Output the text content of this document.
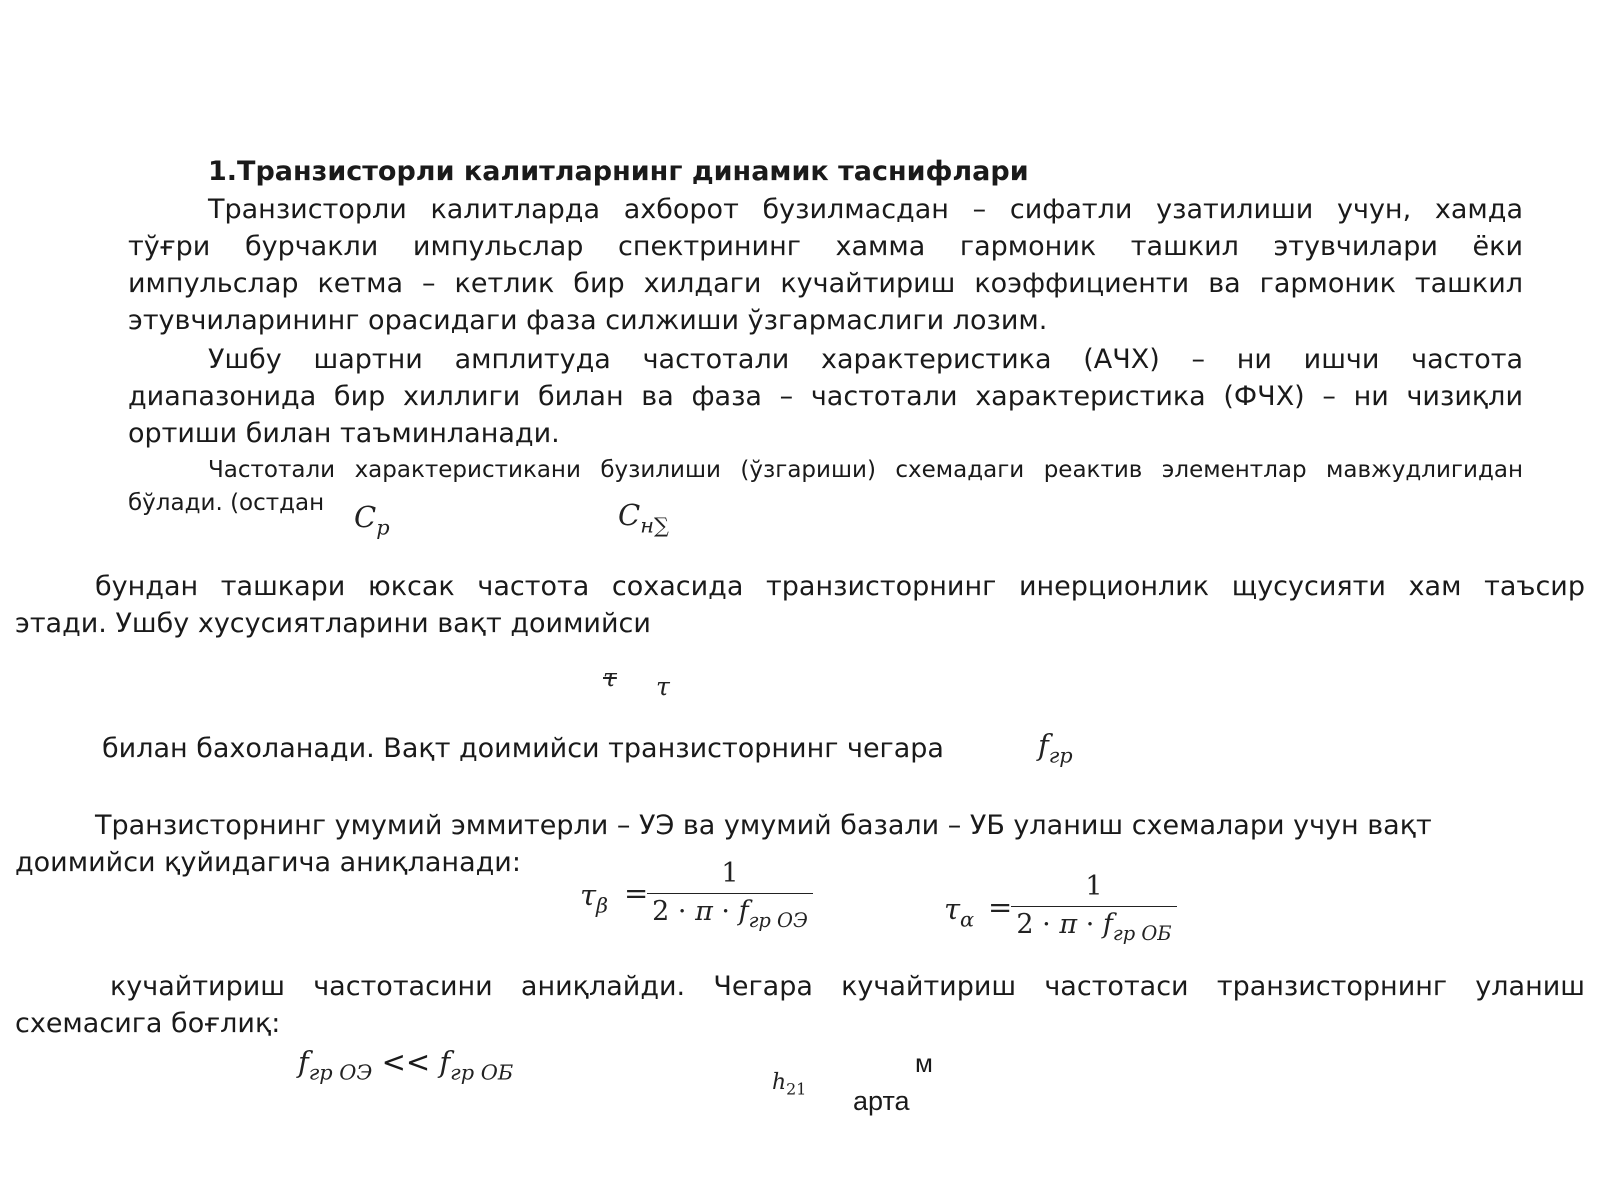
1.Транзисторли калитларнинг динамик таснифлари
Транзисторли калитларда ахборот бузилмасдан – сифатли узатилиши учун, хамда
тўғри бурчакли импульслар спектрининг хамма гармоник ташкил этувчилари ёки
импульслар кетма – кетлик бир хилдаги кучайтириш коэффициенти ва гармоник ташкил
этувчиларининг орасидаги фаза силжиши ўзгармаслиги лозим.
Ушбу шартни амплитуда частотали характеристика (АЧХ) – ни ишчи частота
диапазонида бир хиллиги билан ва фаза – частотали характеристика (ФЧХ) – ни чизиқли
ортиши билан таъминланади.
Частотали характеристикани бузилиши (ўзгариши) схемадаги реактив элементлар мавжудлигидан
бўлади. (остдан	$C_p$	$C_{н\sum}$
бундан ташкари юксак частота сохасида транзисторнинг инерционлик щусусияти хам таъсир
этади. Ушбу хусусиятларини вақт доимийси
τ τ
билан бахоланади. Вақт доимийси транзисторнинг чегара	$f_{гр}$
Транзисторнинг умумий эммитерли – УЭ ва умумий базали – УБ уланиш схемалари учун вақт
доимийси қуйидагича аниқланади:
$\tau_\beta$ =
1
$2 \cdot \pi \cdot f_{гр ОЭ}$	$\tau_\alpha$ =
1
$2 \cdot \pi \cdot f_{гр ОБ}$
кучайтириш частотасини аниқлайди. Чегара кучайтириш частотаси транзисторнинг уланиш
схемасига боғлиқ:
$f_{гр ОЭ} << f_{гр ОБ}$	$h_{21}$
м
арта
